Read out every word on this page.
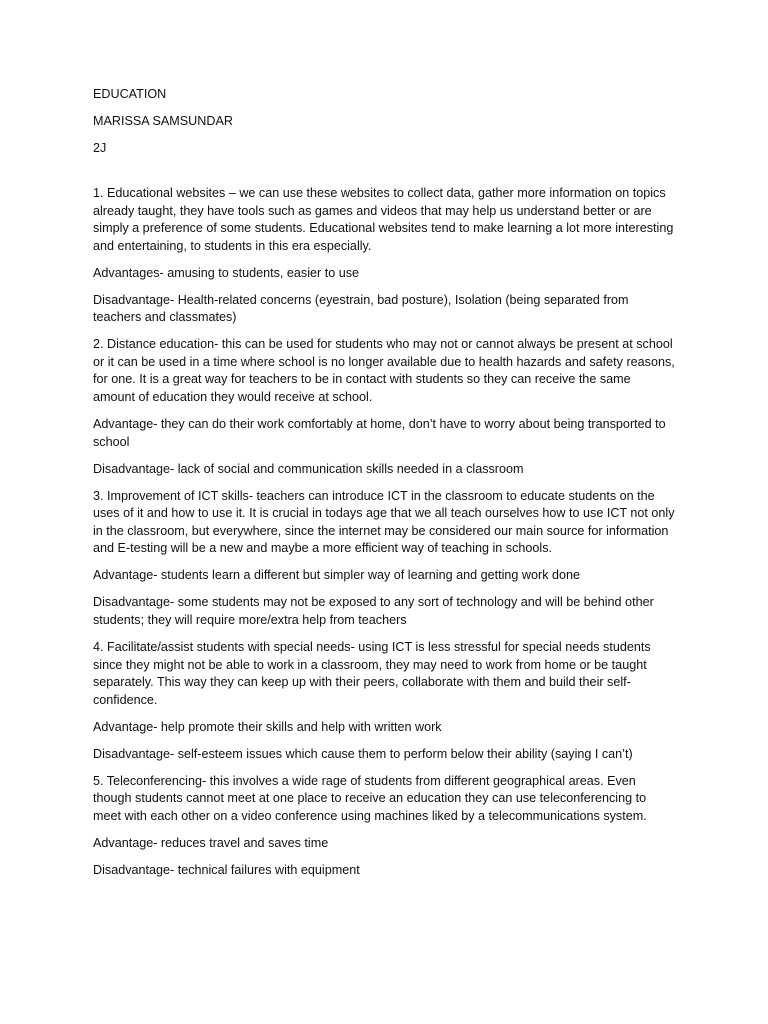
EDUCATION
MARISSA SAMSUNDAR
2J

1. Educational websites – we can use these websites to collect data, gather more information on topics already taught, they have tools such as games and videos that may help us understand better or are simply a preference of some students. Educational websites tend to make learning a lot more interesting and entertaining, to students in this era especially.

Advantages- amusing to students, easier to use

Disadvantage- Health-related concerns (eyestrain, bad posture), Isolation (being separated from teachers and classmates)

2. Distance education- this can be used for students who may not or cannot always be present at school or it can be used in a time where school is no longer available due to health hazards and safety reasons, for one. It is a great way for teachers to be in contact with students so they can receive the same amount of education they would receive at school.

Advantage- they can do their work comfortably at home, don’t have to worry about being transported to school

Disadvantage- lack of social and communication skills needed in a classroom

3. Improvement of ICT skills- teachers can introduce ICT in the classroom to educate students on the uses of it and how to use it. It is crucial in todays age that we all teach ourselves how to use ICT not only in the classroom, but everywhere, since the internet may be considered our main source for information and E-testing will be a new and maybe a more efficient way of teaching in schools.

Advantage- students learn a different but simpler way of learning and getting work done

Disadvantage- some students may not be exposed to any sort of technology and will be behind other students; they will require more/extra help from teachers

4. Facilitate/assist students with special needs- using ICT is less stressful for special needs students since they might not be able to work in a classroom, they may need to work from home or be taught separately. This way they can keep up with their peers, collaborate with them and build their self-confidence.

Advantage- help promote their skills and help with written work

Disadvantage- self-esteem issues which cause them to perform below their ability (saying I can’t)

5. Teleconferencing- this involves a wide rage of students from different geographical areas. Even though students cannot meet at one place to receive an education they can use teleconferencing to meet with each other on a video conference using machines liked by a telecommunications system.

Advantage- reduces travel and saves time

Disadvantage- technical failures with equipment
